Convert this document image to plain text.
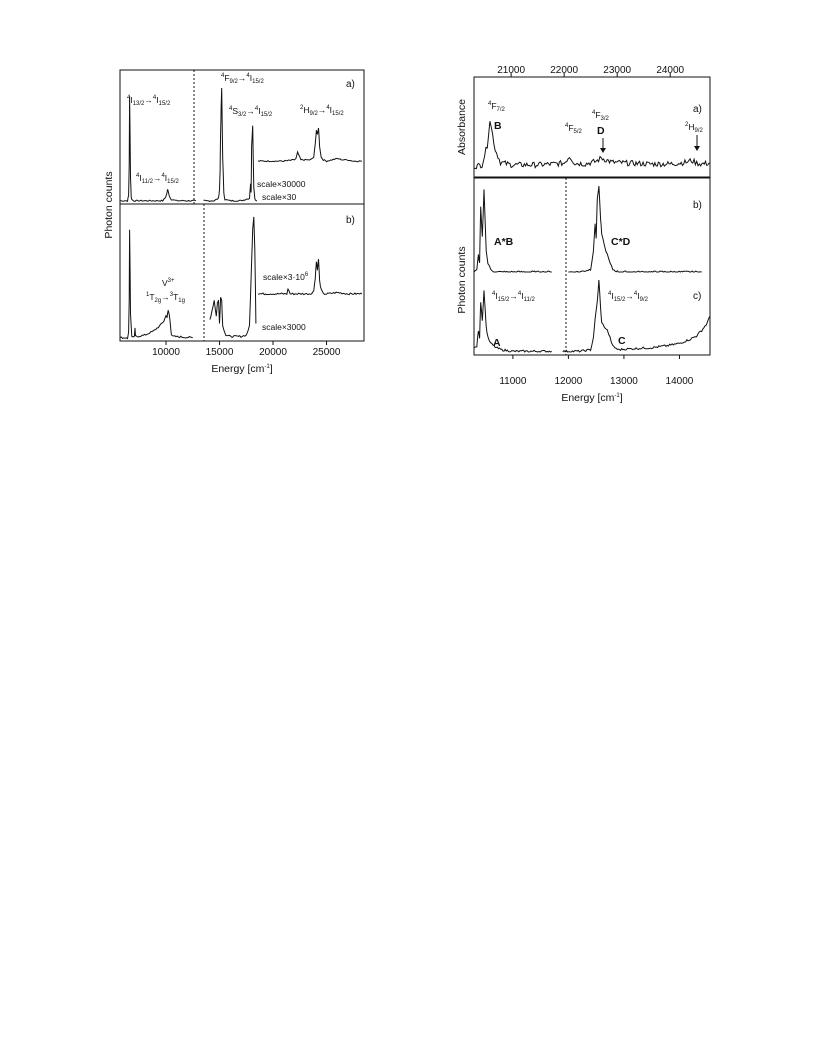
a)
$^4I_{13/2}\to^4I_{15/2}$
$^4I_{11/2}\to^4I_{15/2}$
$^4F_{9/2}\to^4I_{15/2}$
$^4S_{3/2}\to^4I_{15/2}$
$^2H_{9/2}\to^4I_{15/2}$
scale×30000
scale×30
b)
$V^{3+}$
$^1T_{2g}\to^3T_{1g}$
$scale\times 3\cdot 10^6$
scale×3000
10000	15000	20000	25000
Photon counts
Energy $[cm^{-1}]$
21000	22000	23000	24000
a)
$^4F_{7/2}$
B	$^4F_{5/2}$
$^4F_{3/2}$
D	$^2H_{9/2}$
Absorbance
b)
c)
A*B	C*D
$^4I_{15/2}\to^4I_{11/2}$
A
$^4I_{15/2}\to^4I_{9/2}$
C
Photon counts
11000	12000	13000	14000
Energy $[cm^{-1}]$
